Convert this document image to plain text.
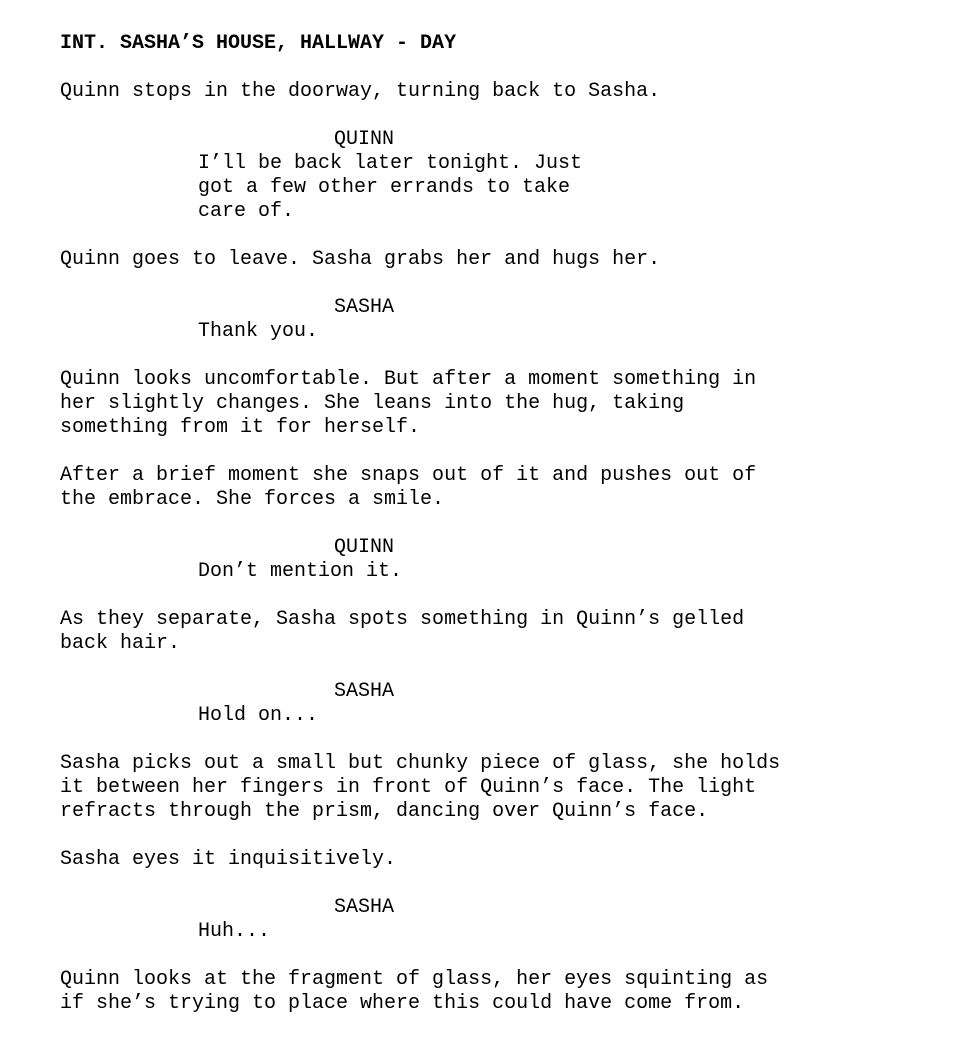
INT. SASHA’S HOUSE, HALLWAY - DAY
Quinn stops in the doorway, turning back to Sasha.
QUINN
I’ll be back later tonight. Just
got a few other errands to take
care of.
Quinn goes to leave. Sasha grabs her and hugs her.
SASHA
Thank you.
Quinn looks uncomfortable. But after a moment something in
her slightly changes. She leans into the hug, taking
something from it for herself.
After a brief moment she snaps out of it and pushes out of
the embrace. She forces a smile.
QUINN
Don’t mention it.
As they separate, Sasha spots something in Quinn’s gelled
back hair.
SASHA
Hold on...
Sasha picks out a small but chunky piece of glass, she holds
it between her fingers in front of Quinn’s face. The light
refracts through the prism, dancing over Quinn’s face.
Sasha eyes it inquisitively.
SASHA
Huh...
Quinn looks at the fragment of glass, her eyes squinting as
if she’s trying to place where this could have come from.
